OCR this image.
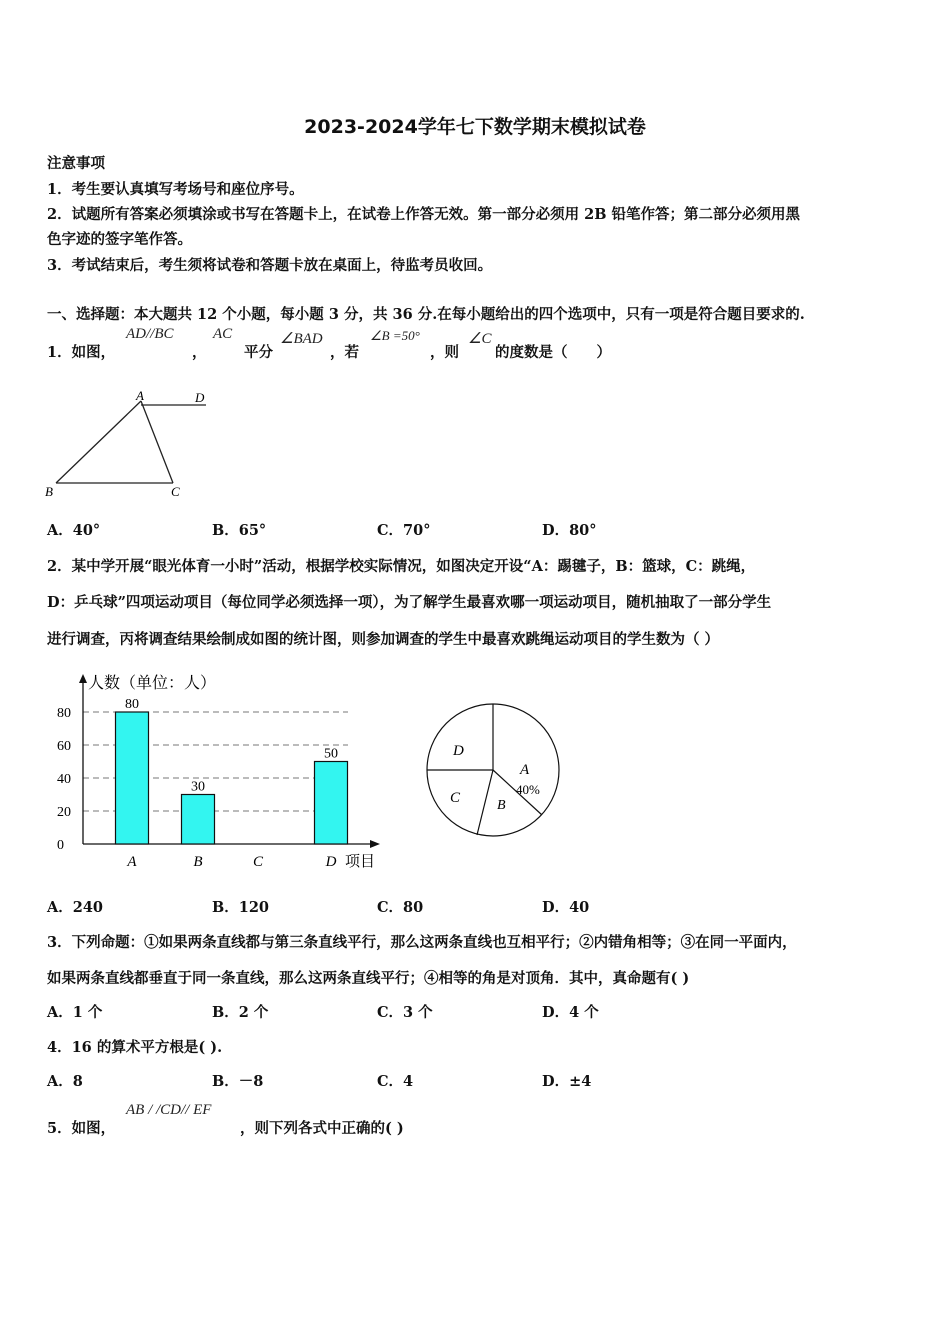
2023-2024学年七下数学期末模拟试卷
注意事项
1．考生要认真填写考场号和座位序号。
2．试题所有答案必须填涂或书写在答题卡上，在试卷上作答无效。第一部分必须用 2B 铅笔作答；第二部分必须用黑
色字迹的签字笔作答。
3．考试结束后，考生须将试卷和答题卡放在桌面上，待监考员收回。
一、选择题：本大题共 12 个小题，每小题 3 分，共 36 分.在每小题给出的四个选项中，只有一项是符合题目要求的.
1．如图，
AD//BC
，
AC
平分
∠BAD
，若
∠B =50°
，则
∠C
的度数是（　　）
A	D
B	C
A．40°	B．65°	C．70°	D．80°
2．某中学开展“眼光体育一小时”活动，根据学校实际情况，如图决定开设“A：踢毽子，B：篮球，C：跳绳，
D：乒乓球”四项运动项目（每位同学必须选择一项），为了解学生最喜欢哪一项运动项目，随机抽取了一部分学生
进行调查，丙将调查结果绘制成如图的统计图，则参加调查的学生中最喜欢跳绳运动项目的学生数为（ ）
人数（单位：人）
项目
0
20
40
60
80
80
30
50
A	B	C	D
A
40%
B
C
D
A．240	B．120	C．80	D．40
3．下列命题：①如果两条直线都与第三条直线平行，那么这两条直线也互相平行；②内错角相等；③在同一平面内，
如果两条直线都垂直于同一条直线，那么这两条直线平行；④相等的角是对顶角．其中，真命题有( )
A．1 个	B．2 个	C．3 个	D．4 个
4．16 的算术平方根是( ).
A．8	B．－8	C．4	D．±4
5．如图，
AB / /CD// EF
，则下列各式中正确的( )
